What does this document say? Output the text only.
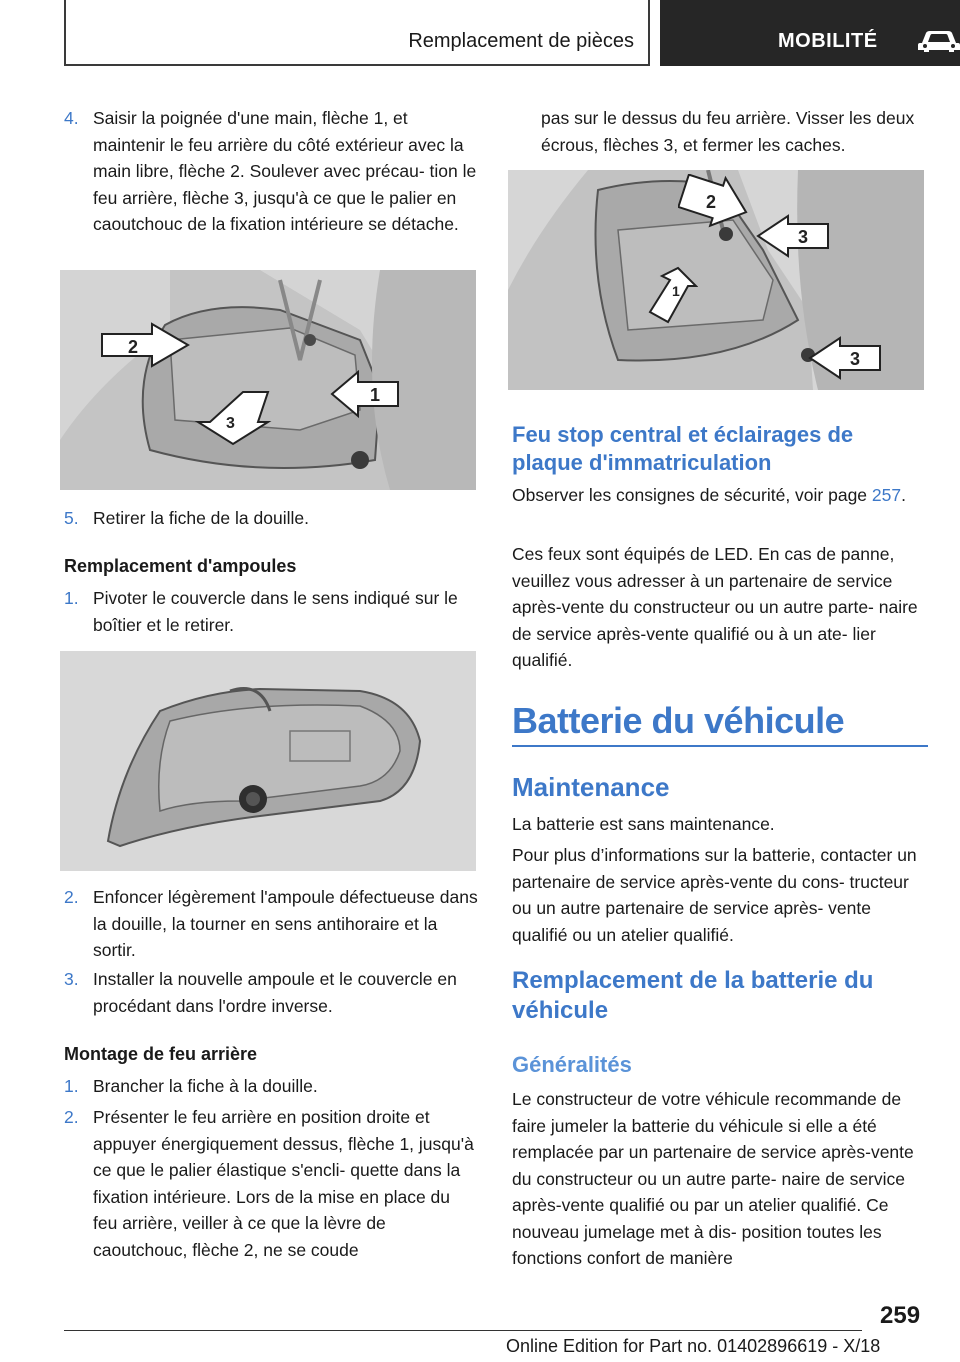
Remplacement de pièces	MOBILITÉ
4. Saisir la poignée d'une main, flèche 1, et maintenir le feu arrière du côté extérieur avec la main libre, flèche 2. Soulever avec précau‐ tion le feu arrière, flèche 3, jusqu'à ce que le palier en caoutchouc de la fixation intérieure se détache.
2
1
3
5. Retirer la fiche de la douille.
Remplacement d'ampoules
1. Pivoter le couvercle dans le sens indiqué sur le boîtier et le retirer.
2. Enfoncer légèrement l'ampoule défectueuse dans la douille, la tourner en sens antihoraire et la sortir.
3. Installer la nouvelle ampoule et le couvercle en procédant dans l'ordre inverse.
Montage de feu arrière
1. Brancher la fiche à la douille.
2. Présenter le feu arrière en position droite et appuyer énergiquement dessus, flèche 1, jusqu'à ce que le palier élastique s'encli‐ quette dans la fixation intérieure. Lors de la mise en place du feu arrière, veiller à ce que la lèvre de caoutchouc, flèche 2, ne se coude
pas sur le dessus du feu arrière. Visser les deux écrous, flèches 3, et fermer les caches.
2
3
1
3
Feu stop central et éclairages de plaque d'immatriculation
Observer les consignes de sécurité, voir page 257.
Ces feux sont équipés de LED. En cas de panne, veuillez vous adresser à un partenaire de service après-vente du constructeur ou un autre parte‐ naire de service après-vente qualifié ou à un ate‐ lier qualifié.
Batterie du véhicule
Maintenance
La batterie est sans maintenance.
Pour plus d’informations sur la batterie, contacter un partenaire de service après-vente du cons‐ tructeur ou un autre partenaire de service après- vente qualifié ou un atelier qualifié.
Remplacement de la batterie du véhicule
Généralités
Le constructeur de votre véhicule recommande de faire jumeler la batterie du véhicule si elle a été remplacée par un partenaire de service après-vente du constructeur ou un autre parte‐ naire de service après-vente qualifié ou par un atelier qualifié. Ce nouveau jumelage met à dis‐ position toutes les fonctions confort de manière
259
Online Edition for Part no. 01402896619 - X/18
